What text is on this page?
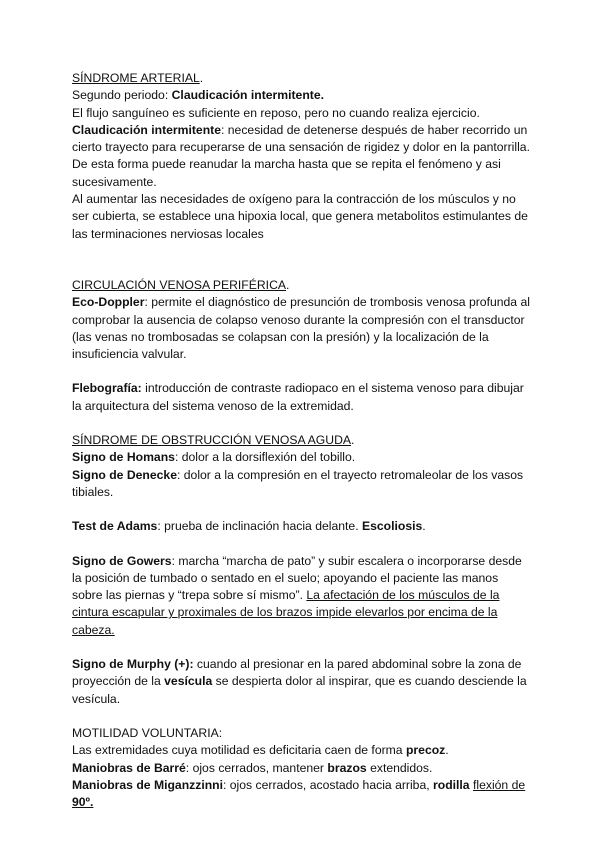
SÍNDROME ARTERIAL.

Segundo periodo: Claudicación intermitente.

El flujo sanguíneo es suficiente en reposo, pero no cuando realiza ejercicio.

Claudicación intermitente: necesidad de detenerse después de haber recorrido un cierto trayecto para recuperarse de una sensación de rigidez y dolor en la pantorrilla. De esta forma puede reanudar la marcha hasta que se repita el fenómeno y asi sucesivamente.

Al aumentar las necesidades de oxígeno para la contracción de los músculos y no ser cubierta, se establece una hipoxia local, que genera metabolitos estimulantes de las terminaciones nerviosas locales

CIRCULACIÓN VENOSA PERIFÉRICA.

Eco-Doppler: permite el diagnóstico de presunción de trombosis venosa profunda al comprobar la ausencia de colapso venoso durante la compresión con el transductor (las venas no trombosadas se colapsan con la presión) y la localización de la insuficiencia valvular.

Flebografía: introducción de contraste radiopaco en el sistema venoso para dibujar la arquitectura del sistema venoso de la extremidad.

SÍNDROME DE OBSTRUCCIÓN VENOSA AGUDA.

Signo de Homans: dolor a la dorsiflexión del tobillo.

Signo de Denecke: dolor a la compresión en el trayecto retromaleolar de los vasos tibiales.

Test de Adams: prueba de inclinación hacia delante. Escoliosis.

Signo de Gowers: marcha “marcha de pato” y subir escalera o incorporarse desde la posición de tumbado o sentado en el suelo; apoyando el paciente las manos sobre las piernas y “trepa sobre sí mismo”. La afectación de los músculos de la cintura escapular y proximales de los brazos impide elevarlos por encima de la cabeza.

Signo de Murphy (+): cuando al presionar en la pared abdominal sobre la zona de proyección de la vesícula se despierta dolor al inspirar, que es cuando desciende la vesícula.

MOTILIDAD VOLUNTARIA:

Las extremidades cuya motilidad es deficitaria caen de forma precoz.

Maniobras de Barré: ojos cerrados, mantener brazos extendidos.

Maniobras de Miganzzinni: ojos cerrados, acostado hacia arriba, rodilla flexión de 90º.
